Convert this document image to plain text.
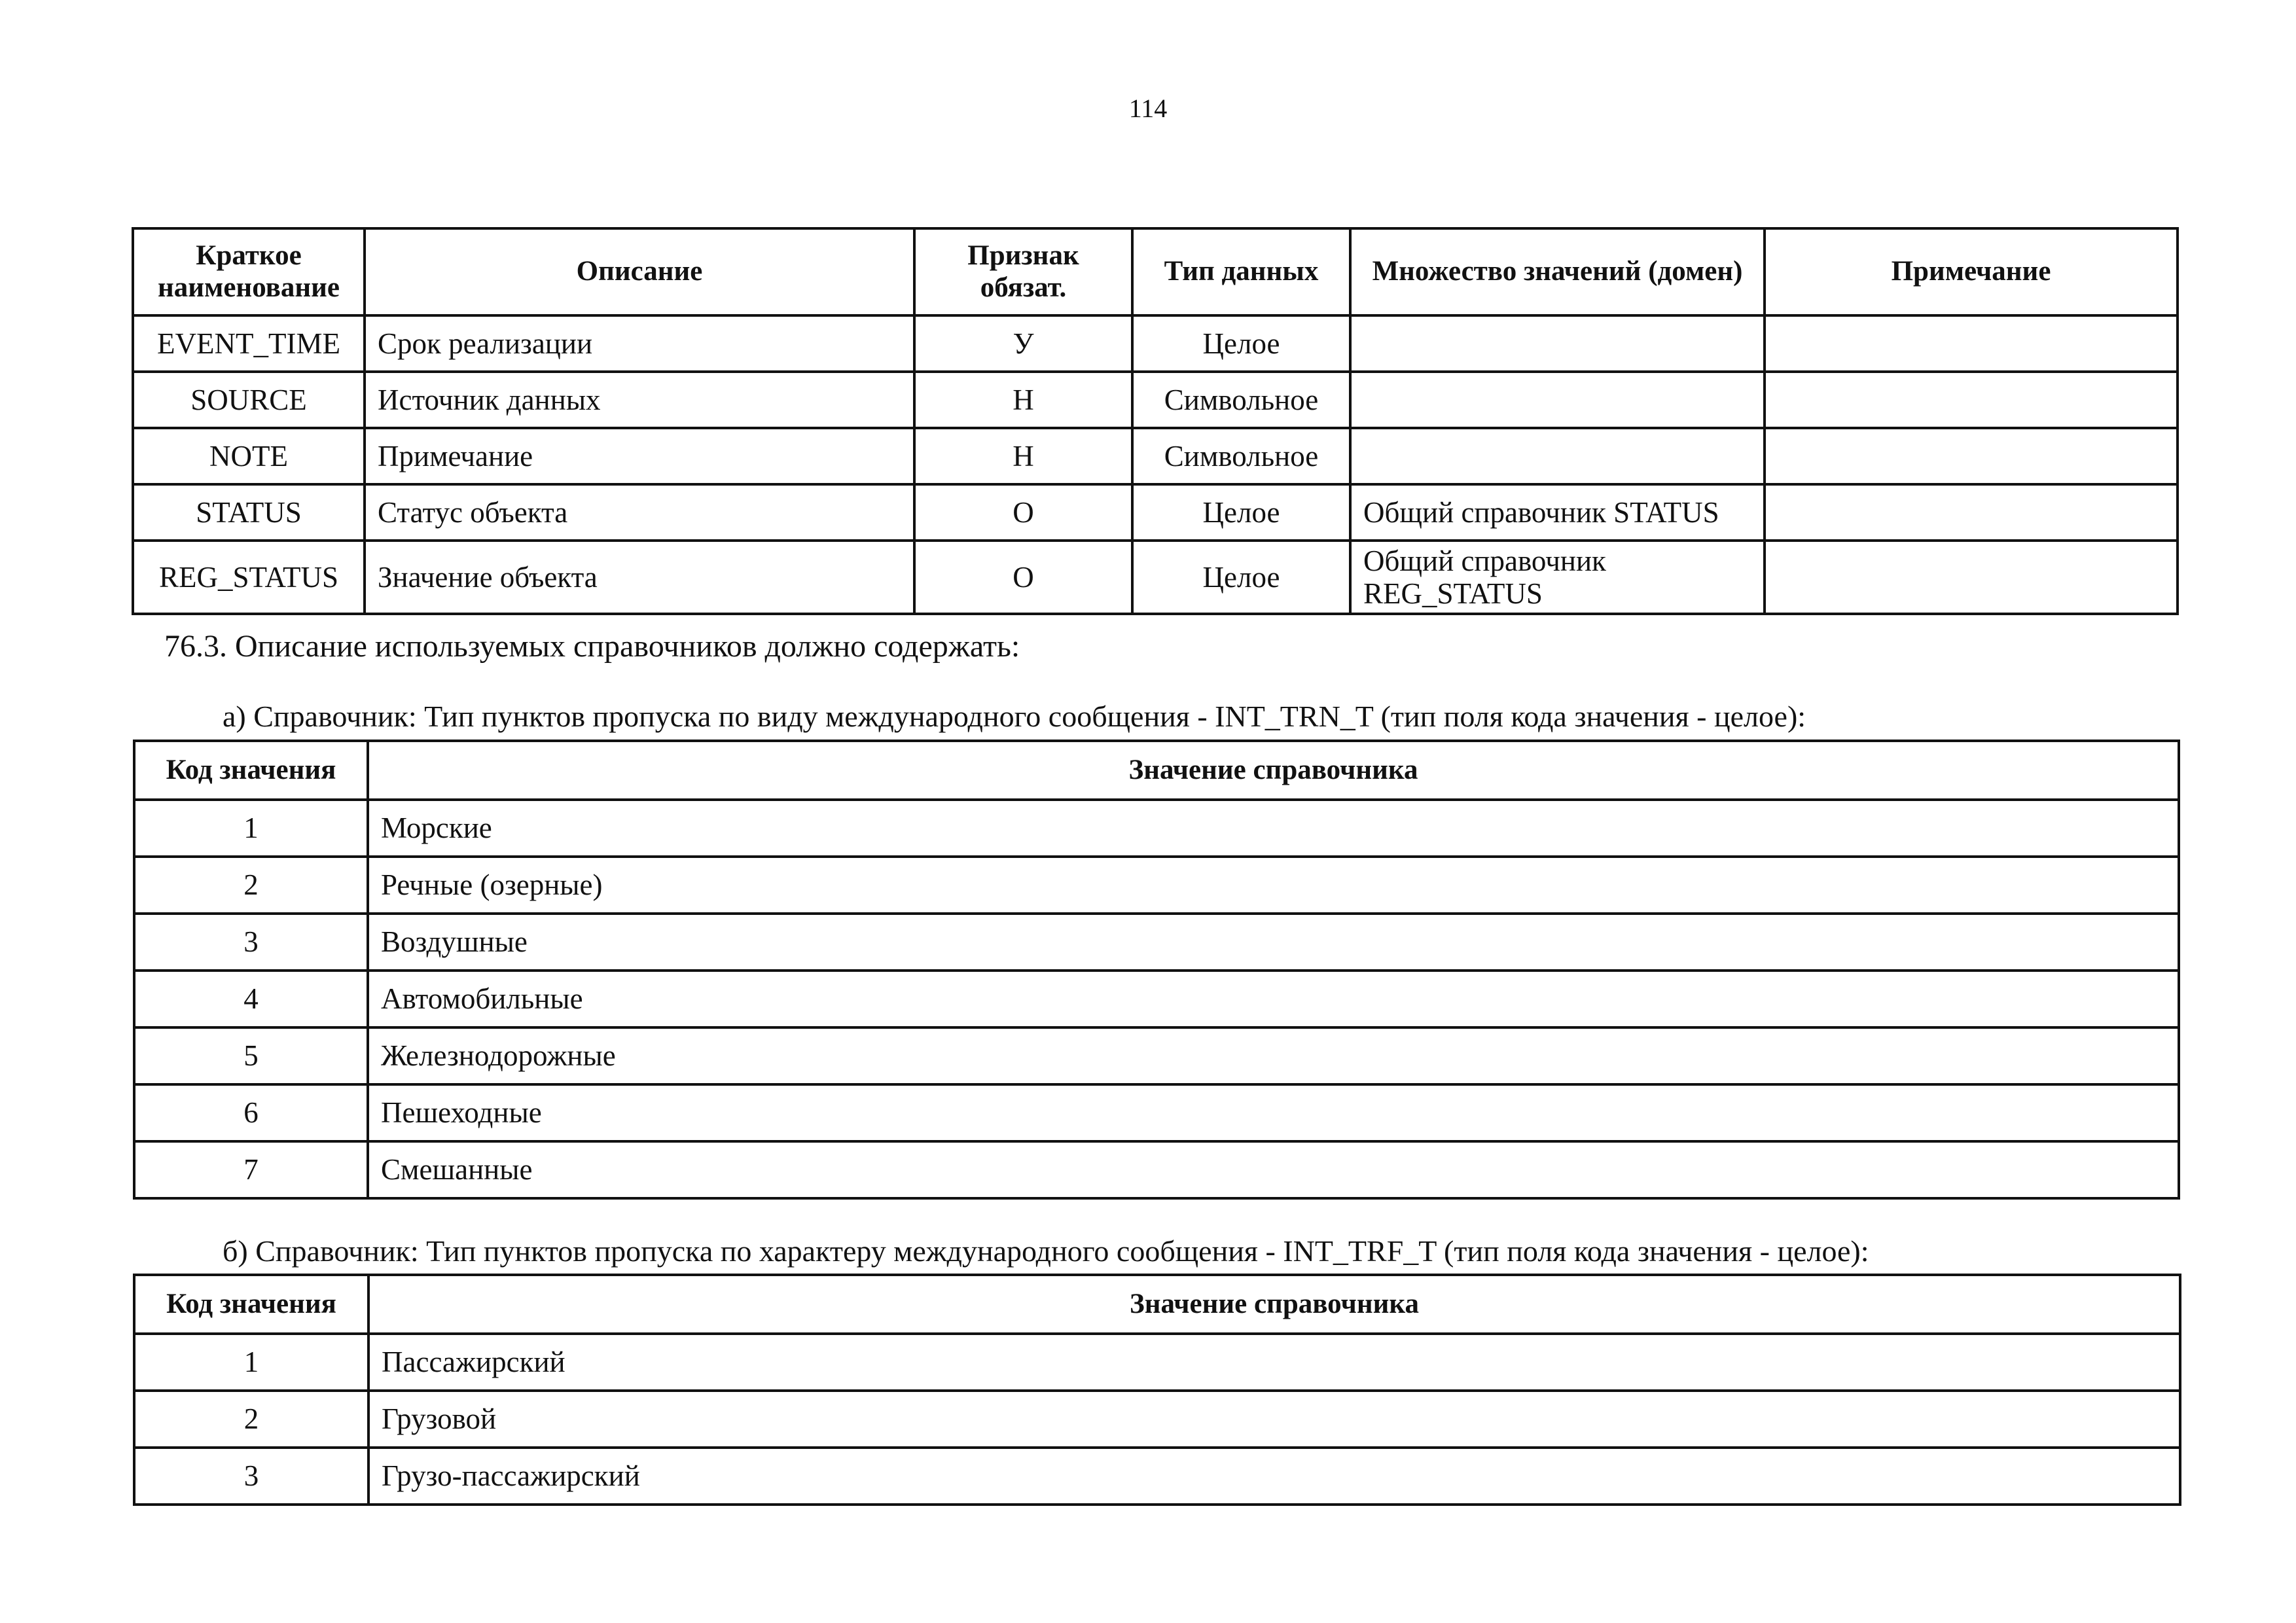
114
Краткое наименование	Описание	Признак обязат.	Тип данных	Множество значений (домен)	Примечание
EVENT_TIME	Срок реализации	У	Целое		
SOURCE	Источник данных	Н	Символьное		
NOTE	Примечание	Н	Символьное		
STATUS	Статус объекта	О	Целое	Общий справочник STATUS	
REG_STATUS	Значение объекта	О	Целое	Общий справочник REG_STATUS	
76.3. Описание используемых справочников должно содержать:
а) Справочник: Тип пунктов пропуска по виду международного сообщения - INT_TRN_T (тип поля кода значения - целое):
Код значения	Значение справочника
1	Морские
2	Речные (озерные)
3	Воздушные
4	Автомобильные
5	Железнодорожные
6	Пешеходные
7	Смешанные
б) Справочник: Тип пунктов пропуска по характеру международного сообщения - INT_TRF_T (тип поля кода значения - целое):
Код значения	Значение справочника
1	Пассажирский
2	Грузовой
3	Грузо-пассажирский
